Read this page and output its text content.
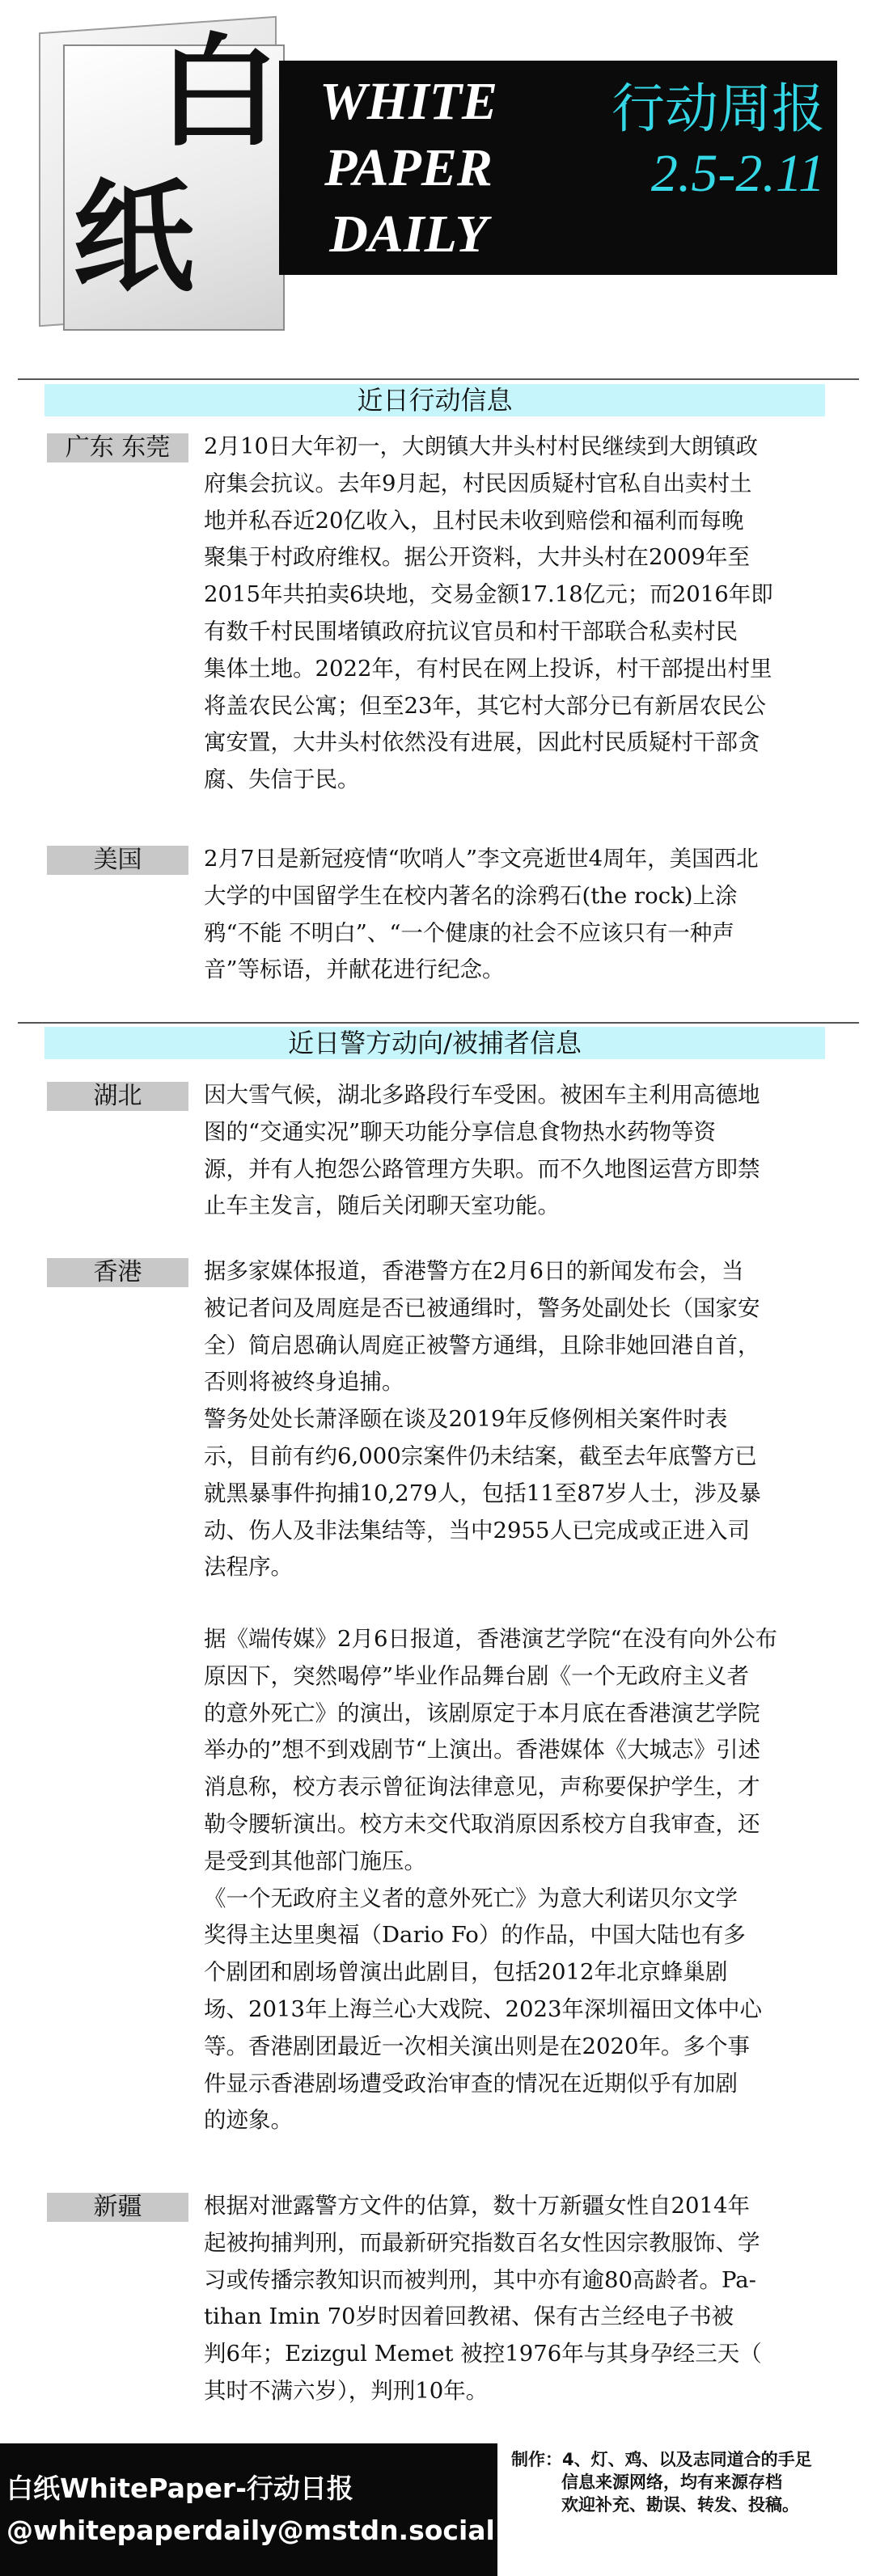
白
纸
WHITE
PAPER
DAILY
行动周报
2.5-2.11
近日行动信息
广东 东莞	2月10日大年初一，大朗镇大井头村村民继续到大朗镇政
府集会抗议。去年9月起，村民因质疑村官私自出卖村土
地并私吞近20亿收入，且村民未收到赔偿和福利而每晚
聚集于村政府维权。据公开资料，大井头村在2009年至
2015年共拍卖6块地，交易金额17.18亿元；而2016年即
有数千村民围堵镇政府抗议官员和村干部联合私卖村民
集体土地。2022年，有村民在网上投诉，村干部提出村里
将盖农民公寓；但至23年，其它村大部分已有新居农民公
寓安置，大井头村依然没有进展，因此村民质疑村干部贪
腐、失信于民。
美国	2月7日是新冠疫情“吹哨人”李文亮逝世4周年，美国西北
大学的中国留学生在校内著名的涂鸦石(the rock)上涂
鸦“不能 不明白”、“一个健康的社会不应该只有一种声
音”等标语，并献花进行纪念。
近日警方动向/被捕者信息
湖北	因大雪气候，湖北多路段行车受困。被困车主利用高德地
图的“交通实况”聊天功能分享信息食物热水药物等资
源，并有人抱怨公路管理方失职。而不久地图运营方即禁
止车主发言，随后关闭聊天室功能。
香港	据多家媒体报道，香港警方在2月6日的新闻发布会，当
被记者问及周庭是否已被通缉时，警务处副处长（国家安
全）简启恩确认周庭正被警方通缉，且除非她回港自首，
否则将被终身追捕。
警务处处长萧泽颐在谈及2019年反修例相关案件时表
示，目前有约6,000宗案件仍未结案，截至去年底警方已
就黑暴事件拘捕10,279人，包括11至87岁人士，涉及暴
动、伤人及非法集结等，当中2955人已完成或正进入司
法程序。
据《端传媒》2月6日报道，香港演艺学院“在没有向外公布
原因下，突然喝停”毕业作品舞台剧《一个无政府主义者
的意外死亡》的演出，该剧原定于本月底在香港演艺学院
举办的”想不到戏剧节“上演出。香港媒体《大城志》引述
消息称，校方表示曾征询法律意见，声称要保护学生，才
勒令腰斩演出。校方未交代取消原因系校方自我审查，还
是受到其他部门施压。
《一个无政府主义者的意外死亡》为意大利诺贝尔文学
奖得主达里奥福（Dario Fo）的作品，中国大陆也有多
个剧团和剧场曾演出此剧目，包括2012年北京蜂巢剧
场、2013年上海兰心大戏院、2023年深圳福田文体中心
等。香港剧团最近一次相关演出则是在2020年。多个事
件显示香港剧场遭受政治审查的情况在近期似乎有加剧
的迹象。
新疆	根据对泄露警方文件的估算，数十万新疆女性自2014年
起被拘捕判刑，而最新研究指数百名女性因宗教服饰、学
习或传播宗教知识而被判刑，其中亦有逾80高龄者。Pa-
tihan Imin 70岁时因着回教裙、保有古兰经电子书被
判6年；Ezizgul Memet 被控1976年与其身孕经三天（
其时不满六岁），判刑10年。
白纸WhitePaper-行动日报
@whitepaperdaily@mstdn.social
制作：4、灯、鸡、以及志同道合的手足
信息来源网络，均有来源存档
欢迎补充、勘误、转发、投稿。
